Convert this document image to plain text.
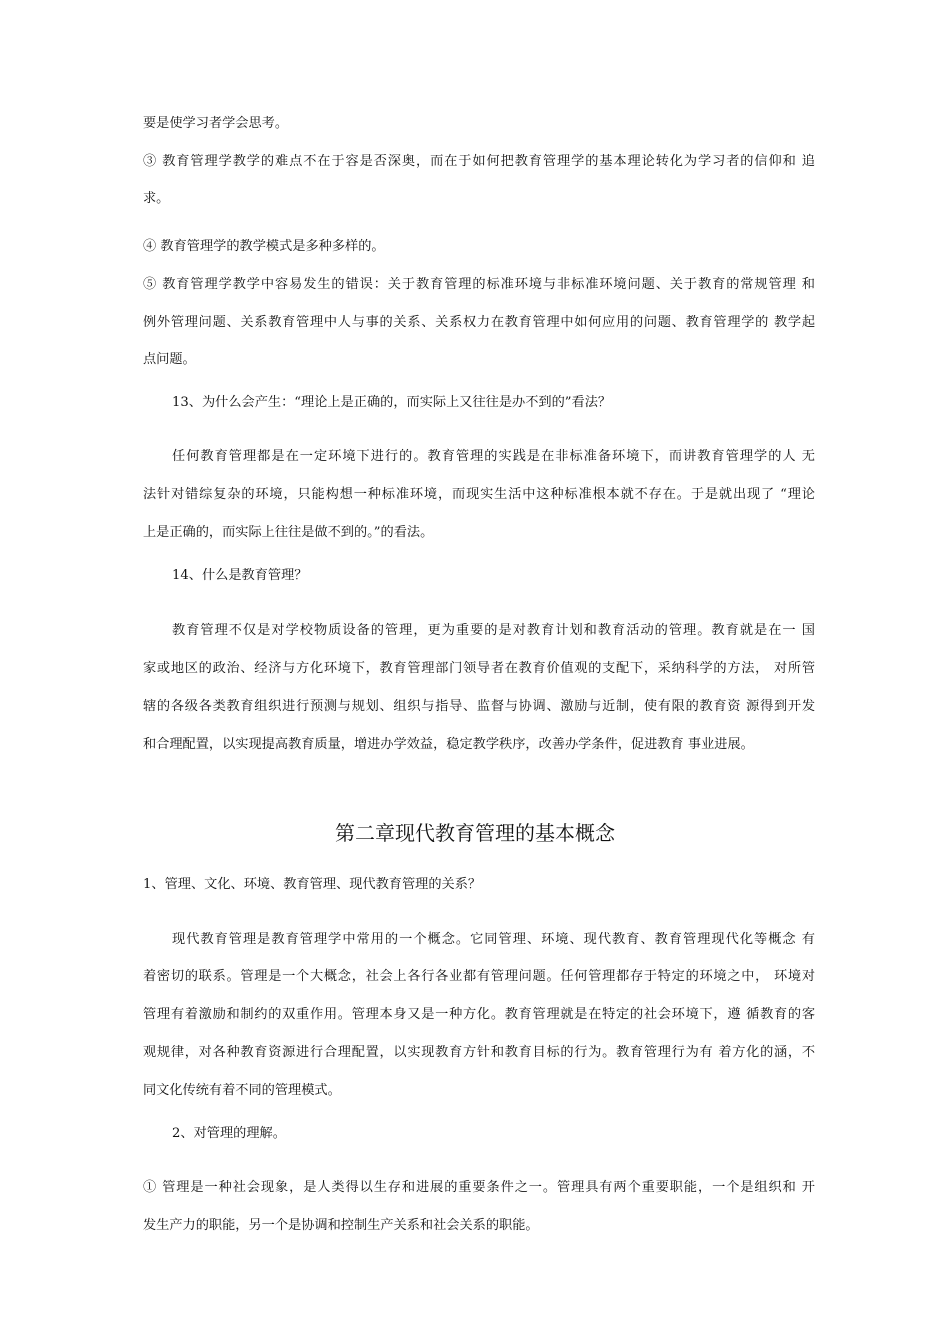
要是使学习者学会思考。
③ 教育管理学教学的难点不在于容是否深奥，而在于如何把教育管理学的基本理论转化为学习者的信仰和 追
求。
④ 教育管理学的教学模式是多种多样的。
⑤ 教育管理学教学中容易发生的错误：关于教育管理的标准环境与非标准环境问题、关于教育的常规管理 和
例外管理问题、关系教育管理中人与事的关系、关系权力在教育管理中如何应用的问题、教育管理学的 教学起
点问题。
13、为什么会产生：“理论上是正确的，而实际上又往往是办不到的”看法？
任何教育管理都是在一定环境下进行的。教育管理的实践是在非标准备环境下，而讲教育管理学的人 无
法针对错综复杂的环境，只能构想一种标准环境，而现实生活中这种标准根本就不存在。于是就出现了 “理论
上是正确的，而实际上往往是做不到的。”的看法。
14、什么是教育管理？
教育管理不仅是对学校物质设备的管理，更为重要的是对教育计划和教育活动的管理。教育就是在一 国
家或地区的政治、经济与方化环境下，教育管理部门领导者在教育价值观的支配下，采纳科学的方法， 对所管
辖的各级各类教育组织进行预测与规划、组织与指导、监督与协调、激励与近制，使有限的教育资 源得到开发
和合理配置，以实现提高教育质量，增进办学效益，稳定教学秩序，改善办学条件，促进教育 事业进展。
第二章现代教育管理的基本概念
1、管理、文化、环境、教育管理、现代教育管理的关系？
现代教育管理是教育管理学中常用的一个概念。它同管理、环境、现代教育、教育管理现代化等概念 有
着密切的联系。管理是一个大概念，社会上各行各业都有管理问题。任何管理都存于特定的环境之中， 环境对
管理有着激励和制约的双重作用。管理本身又是一种方化。教育管理就是在特定的社会环境下，遵 循教育的客
观规律，对各种教育资源进行合理配置，以实现教育方针和教育目标的行为。教育管理行为有 着方化的涵，不
同文化传统有着不同的管理模式。
2、对管理的理解。
① 管理是一种社会现象，是人类得以生存和进展的重要条件之一。管理具有两个重要职能，一个是组织和 开
发生产力的职能，另一个是协调和控制生产关系和社会关系的职能。
